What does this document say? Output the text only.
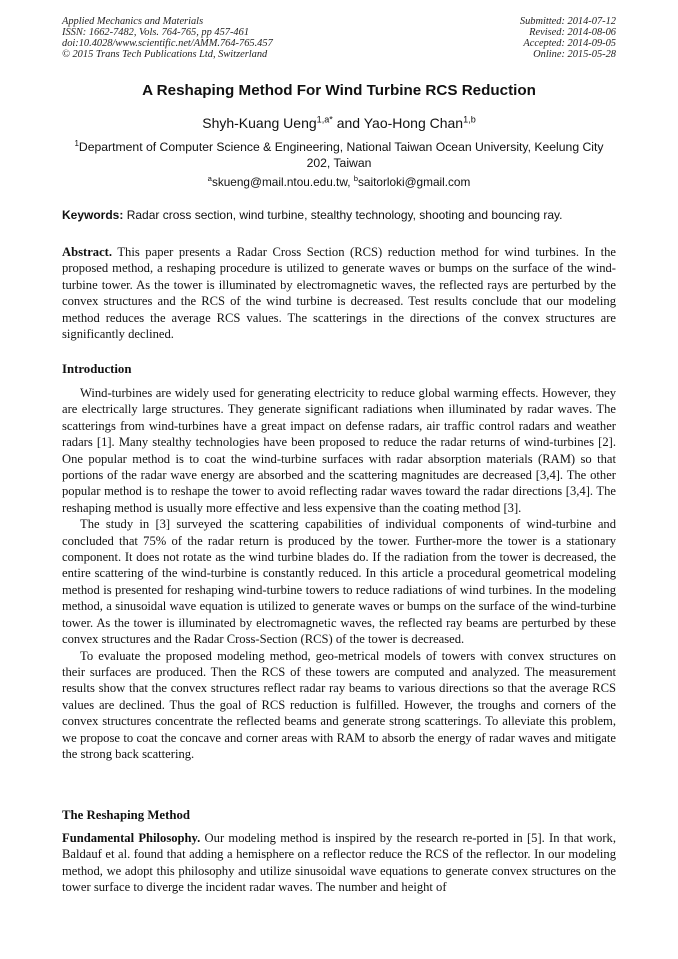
Applied Mechanics and Materials
ISSN: 1662-7482, Vols. 764-765, pp 457-461
doi:10.4028/www.scientific.net/AMM.764-765.457
© 2015 Trans Tech Publications Ltd, Switzerland
Submitted: 2014-07-12
Revised: 2014-08-06
Accepted: 2014-09-05
Online: 2015-05-28
A Reshaping Method For Wind Turbine RCS Reduction
Shyh-Kuang Ueng$^{1,a*}$ and Yao-Hong Chan$^{1,b}$
$^1$Department of Computer Science & Engineering, National Taiwan Ocean University, Keelung City 202, Taiwan
$^a$skueng@mail.ntou.edu.tw, $^b$saitorloki@gmail.com
Keywords: Radar cross section, wind turbine, stealthy technology, shooting and bouncing ray.
Abstract. This paper presents a Radar Cross Section (RCS) reduction method for wind turbines. In the proposed method, a reshaping procedure is utilized to generate waves or bumps on the surface of the wind-turbine tower. As the tower is illuminated by electromagnetic waves, the reflected rays are perturbed by the convex structures and the RCS of the wind turbine is decreased. Test results conclude that our modeling method reduces the average RCS values. The scatterings in the directions of the convex structures are significantly declined.
Introduction

Wind-turbines are widely used for generating electricity to reduce global warming effects. However, they are electrically large structures. They generate significant radiations when illuminated by radar waves. The scatterings from wind-turbines have a great impact on defense radars, air traffic control radars and weather radars [1]. Many stealthy technologies have been proposed to reduce the radar returns of wind-turbines [2]. One popular method is to coat the wind-turbine surfaces with radar absorption materials (RAM) so that portions of the radar wave energy are absorbed and the scattering magnitudes are decreased [3,4]. The other popular method is to reshape the tower to avoid reflecting radar waves toward the radar directions [3,4]. The reshaping method is usually more effective and less expensive than the coating method [3].

The study in [3] surveyed the scattering capabilities of individual components of wind-turbine and concluded that 75% of the radar return is produced by the tower. Further-more the tower is a stationary component. It does not rotate as the wind turbine blades do. If the radiation from the tower is decreased, the entire scattering of the wind-turbine is constantly reduced. In this article a procedural geometrical modeling method is presented for reshaping wind-turbine towers to reduce radiations of wind turbines. In the modeling method, a sinusoidal wave equation is utilized to generate waves or bumps on the surface of the wind-turbine tower. As the tower is illuminated by electromagnetic waves, the reflected ray beams are perturbed by these convex structures and the Radar Cross-Section (RCS) of the tower is decreased.

To evaluate the proposed modeling method, geo-metrical models of towers with convex structures on their surfaces are produced. Then the RCS of these towers are computed and analyzed. The measurement results show that the convex structures reflect radar ray beams to various directions so that the average RCS values are declined. Thus the goal of RCS reduction is fulfilled. However, the troughs and corners of the convex structures concentrate the reflected beams and generate strong scatterings. To alleviate this problem, we propose to coat the concave and corner areas with RAM to absorb the energy of radar waves and mitigate the strong back scattering.

The Reshaping Method

Fundamental Philosophy. Our modeling method is inspired by the research re-ported in [5]. In that work, Baldauf et al. found that adding a hemisphere on a reflector reduce the RCS of the reflector. In our modeling method, we adopt this philosophy and utilize sinusoidal wave equations to generate convex structures on the tower surface to diverge the incident radar waves. The number and height of
